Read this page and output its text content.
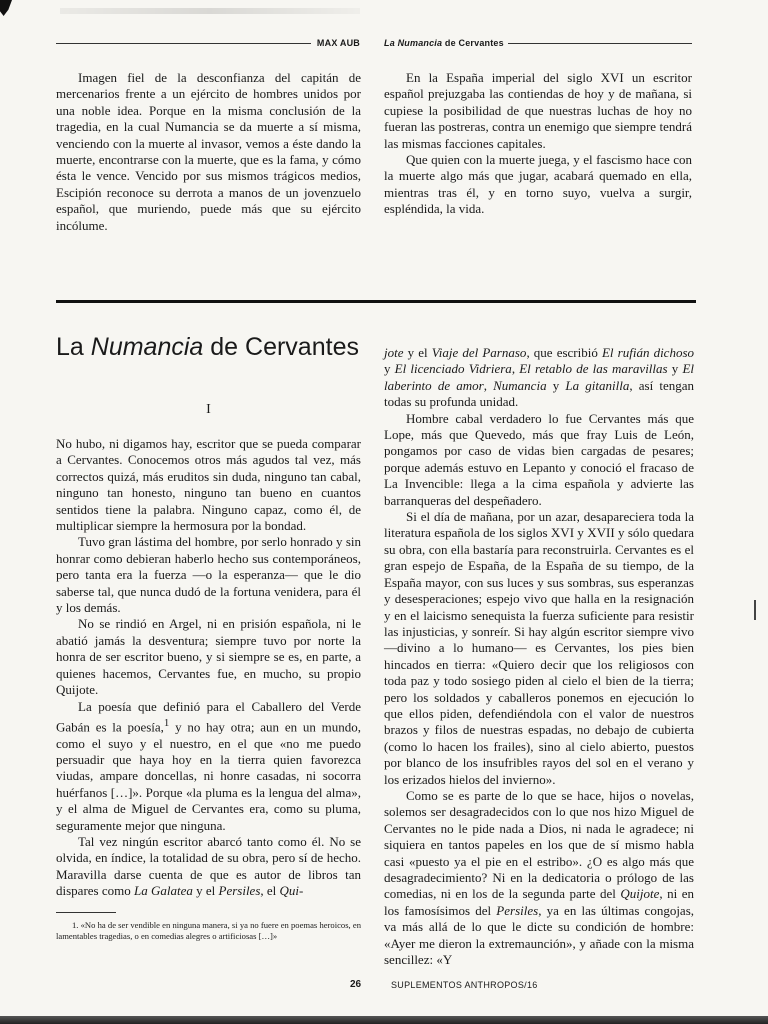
MAX AUB	La Numancia de Cervantes

Imagen fiel de la desconfianza del capitán de mercenarios frente a un ejército de hombres unidos por una noble idea. Porque en la misma conclusión de la tragedia, en la cual Numancia se da muerte a sí misma, venciendo con la muerte al invasor, vemos a éste dando la muerte, encontrarse con la muerte, que es la fama, y cómo ésta le vence. Vencido por sus mismos trágicos medios, Escipión reconoce su derrota a manos de un jovenzuelo español, que muriendo, puede más que su ejército incólume.

En la España imperial del siglo XVI un escritor español prejuzgaba las contiendas de hoy y de mañana, si cupiese la posibilidad de que nuestras luchas de hoy no fueran las postreras, contra un enemigo que siempre tendrá las mismas facciones capitales.

Que quien con la muerte juega, y el fascismo hace con la muerte algo más que jugar, acabará quemado en ella, mientras tras él, y en torno suyo, vuelva a surgir, espléndida, la vida.

La Numancia de Cervantes
I

No hubo, ni digamos hay, escritor que se pueda comparar a Cervantes. Conocemos otros más agudos tal vez, más correctos quizá, más eruditos sin duda, ninguno tan cabal, ninguno tan honesto, ninguno tan bueno en cuantos sentidos tiene la palabra. Ninguno capaz, como él, de multiplicar siempre la hermosura por la bondad.

Tuvo gran lástima del hombre, por serlo honrado y sin honrar como debieran haberlo hecho sus contemporáneos, pero tanta era la fuerza —o la esperanza— que le dio saberse tal, que nunca dudó de la fortuna venidera, para él y los demás.

No se rindió en Argel, ni en prisión española, ni le abatió jamás la desventura; siempre tuvo por norte la honra de ser escritor bueno, y si siempre se es, en parte, a quienes hacemos, Cervantes fue, en mucho, su propio Quijote.

La poesía que definió para el Caballero del Verde Gabán es la poesía,$^1$ y no hay otra; aun en un mundo, como el suyo y el nuestro, en el que «no me puedo persuadir que haya hoy en la tierra quien favorezca viudas, ampare doncellas, ni honre casadas, ni socorra huérfanos […]». Porque «la pluma es la lengua del alma», y el alma de Miguel de Cervantes era, como su pluma, seguramente mejor que ninguna.

Tal vez ningún escritor abarcó tanto como él. No se olvida, en índice, la totalidad de su obra, pero sí de hecho. Maravilla darse cuenta de que es autor de libros tan dispares como La Galatea y el Persiles, el Qui-

1. «No ha de ser vendible en ninguna manera, si ya no fuere en poemas heroicos, en lamentables tragedias, o en comedias alegres o artificiosas […]»

jote y el Viaje del Parnaso, que escribió El rufián dichoso y El licenciado Vidriera, El retablo de las maravillas y El laberinto de amor, Numancia y La gitanilla, así tengan todas su profunda unidad.

Hombre cabal verdadero lo fue Cervantes más que Lope, más que Quevedo, más que fray Luis de León, pongamos por caso de vidas bien cargadas de pesares; porque además estuvo en Lepanto y conoció el fracaso de La Invencible: llega a la cima española y advierte las barranqueras del despeñadero.

Si el día de mañana, por un azar, desapareciera toda la literatura española de los siglos XVI y XVII y sólo quedara su obra, con ella bastaría para reconstruirla. Cervantes es el gran espejo de España, de la España de su tiempo, de la España mayor, con sus luces y sus sombras, sus esperanzas y desesperaciones; espejo vivo que halla en la resignación y en el laicismo senequista la fuerza suficiente para resistir las injusticias, y sonreír. Si hay algún escritor siempre vivo —divino a lo humano— es Cervantes, los pies bien hincados en tierra: «Quiero decir que los religiosos con toda paz y todo sosiego piden al cielo el bien de la tierra; pero los soldados y caballeros ponemos en ejecución lo que ellos piden, defendiéndola con el valor de nuestros brazos y filos de nuestras espadas, no debajo de cubierta (como lo hacen los frailes), sino al cielo abierto, puestos por blanco de los insufribles rayos del sol en el verano y los erizados hielos del invierno».

Como se es parte de lo que se hace, hijos o novelas, solemos ser desagradecidos con lo que nos hizo Miguel de Cervantes no le pide nada a Dios, ni nada le agradece; ni siquiera en tantos papeles en los que de sí mismo habla casi «puesto ya el pie en el estribo». ¿O es algo más que desagradecimiento? Ni en la dedicatoria o prólogo de las comedias, ni en los de la segunda parte del Quijote, ni en los famosísimos del Persiles, ya en las últimas congojas, va más allá de lo que le dicte su condición de hombre: «Ayer me dieron la extremaunción», y añade con la misma sencillez: «Y

26	SUPLEMENTOS ANTHROPOS/16
